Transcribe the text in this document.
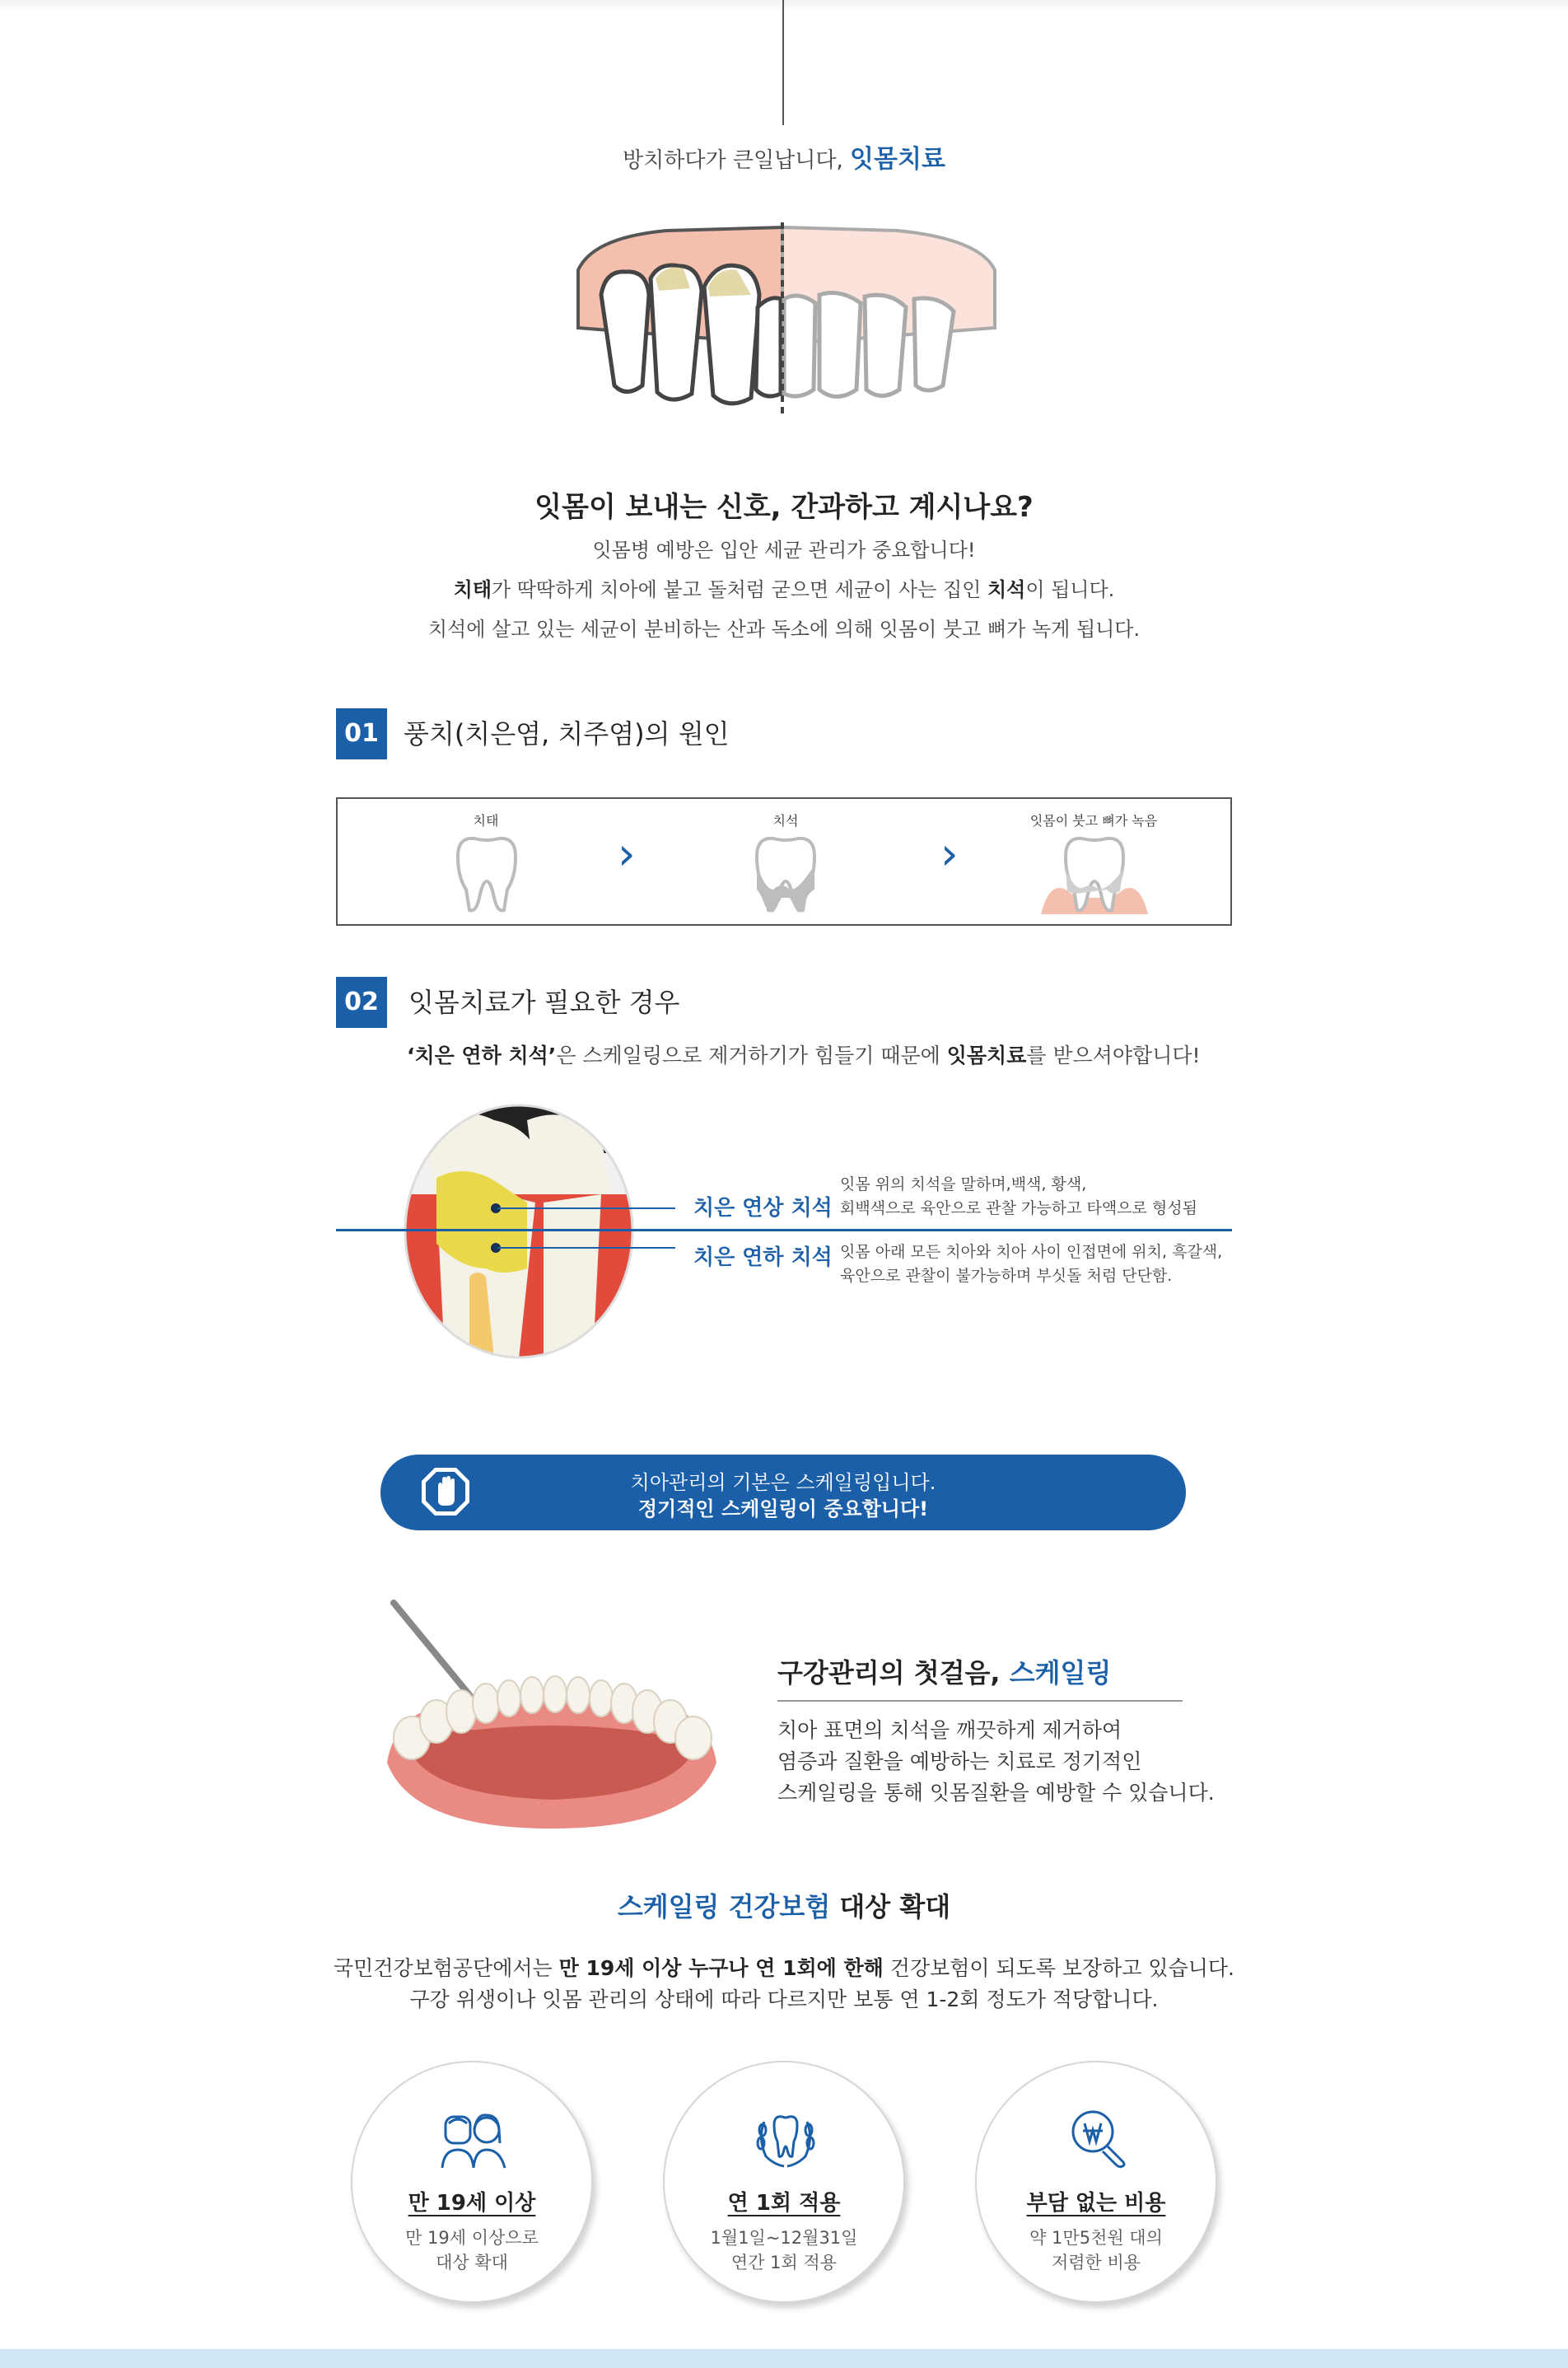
방치하다가 큰일납니다, 잇몸치료
잇몸이 보내는 신호, 간과하고 계시나요?
잇몸병 예방은 입안 세균 관리가 중요합니다!
치태가 딱딱하게 치아에 붙고 돌처럼 굳으면 세균이 사는 집인 치석이 됩니다.
치석에 살고 있는 세균이 분비하는 산과 독소에 의해 잇몸이 붓고 뼈가 녹게 됩니다.
01 풍치(치은염, 치주염)의 원인
치태
›
치석
›
잇몸이 붓고 뼈가 녹음
02	잇몸치료가 필요한 경우
‘치은 연하 치석’은 스케일링으로 제거하기가 힘들기 때문에 잇몸치료를 받으셔야합니다!
치은 연상 치석
잇몸 위의 치석을 말하며,백색, 황색,
회백색으로 육안으로 관찰 가능하고 타액으로 형성됨
치은 연하 치석 잇몸 아래 모든 치아와 치아 사이 인접면에 위치, 흑갈색,
육안으로 관찰이 불가능하며 부싯돌 처럼 단단함.
치아관리의 기본은 스케일링입니다.
정기적인 스케일링이 중요합니다!
구강관리의 첫걸음, 스케일링
치아 표면의 치석을 깨끗하게 제거하여
염증과 질환을 예방하는 치료로 정기적인
스케일링을 통해 잇몸질환을 예방할 수 있습니다.
스케일링 건강보험 대상 확대
국민건강보험공단에서는 만 19세 이상 누구나 연 1회에 한해 건강보험이 되도록 보장하고 있습니다.
구강 위생이나 잇몸 관리의 상태에 따라 다르지만 보통 연 1-2회 정도가 적당합니다.
만 19세 이상
만 19세 이상으로
대상 확대
연 1회 적용
1월1일~12월31일
연간 1회 적용
부담 없는 비용
약 1만5천원 대의
저렴한 비용
